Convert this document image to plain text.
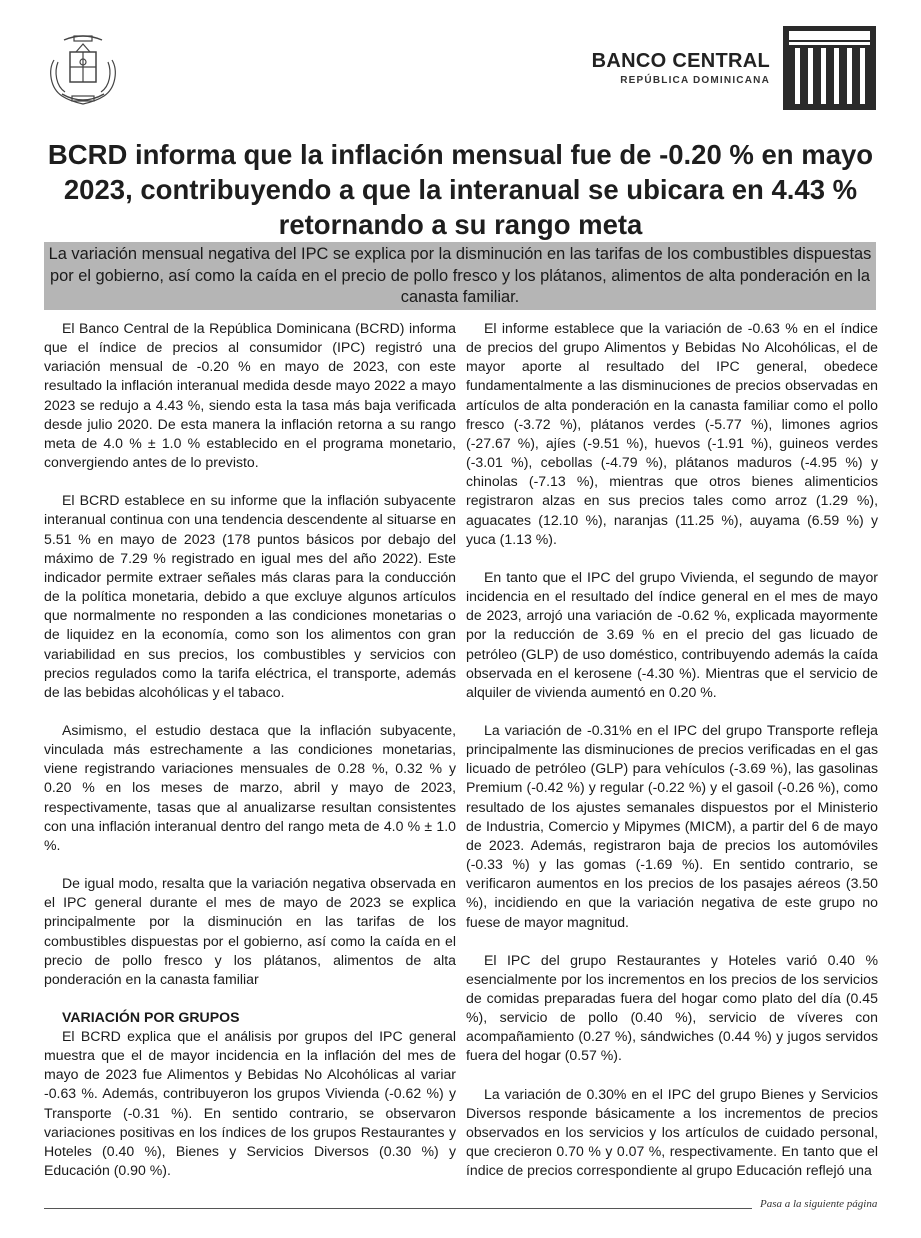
BANCO CENTRAL
REPÚBLICA DOMINICANA
BCRD informa que la inflación mensual fue de -0.20 % en mayo 2023, contribuyendo a que la interanual se ubicara en 4.43 % retornando a su rango meta
La variación mensual negativa del IPC se explica por la disminución en las tarifas de los combustibles dispuestas por el gobierno, así como la caída en el precio de pollo fresco y los plátanos, alimentos de alta ponderación en la canasta familiar.

El Banco Central de la República Dominicana (BCRD) informa que el índice de precios al consumidor (IPC) registró una variación mensual de -0.20 % en mayo de 2023, con este resultado la inflación interanual medida desde mayo 2022 a mayo 2023 se redujo a 4.43 %, siendo esta la tasa más baja verificada desde julio 2020. De esta manera la inflación retorna a su rango meta de 4.0 % ± 1.0 % establecido en el programa monetario, convergiendo antes de lo previsto.

El BCRD establece en su informe que la inflación subyacente interanual continua con una tendencia descendente al situarse en 5.51 % en mayo de 2023 (178 puntos básicos por debajo del máximo de 7.29 % registrado en igual mes del año 2022). Este indicador permite extraer señales más claras para la conducción de la política monetaria, debido a que excluye algunos artículos que normalmente no responden a las condiciones monetarias o de liquidez en la economía, como son los alimentos con gran variabilidad en sus precios, los combustibles y servicios con precios regulados como la tarifa eléctrica, el transporte, además de las bebidas alcohólicas y el tabaco.

Asimismo, el estudio destaca que la inflación subyacente, vinculada más estrechamente a las condiciones monetarias, viene registrando variaciones mensuales de 0.28 %, 0.32 % y 0.20 % en los meses de marzo, abril y mayo de 2023, respectivamente, tasas que al anualizarse resultan consistentes con una inflación interanual dentro del rango meta de 4.0 % ± 1.0 %.

De igual modo, resalta que la variación negativa observada en el IPC general durante el mes de mayo de 2023 se explica principalmente por la disminución en las tarifas de los combustibles dispuestas por el gobierno, así como la caída en el precio de pollo fresco y los plátanos, alimentos de alta ponderación en la canasta familiar

VARIACIÓN POR GRUPOS

El BCRD explica que el análisis por grupos del IPC general muestra que el de mayor incidencia en la inflación del mes de mayo de 2023 fue Alimentos y Bebidas No Alcohólicas al variar -0.63 %. Además, contribuyeron los grupos Vivienda (-0.62 %) y Transporte (-0.31 %). En sentido contrario, se observaron variaciones positivas en los índices de los grupos Restaurantes y Hoteles (0.40 %), Bienes y Servicios Diversos (0.30 %) y Educación (0.90 %).

El informe establece que la variación de -0.63 % en el índice de precios del grupo Alimentos y Bebidas No Alcohólicas, el de mayor aporte al resultado del IPC general, obedece fundamentalmente a las disminuciones de precios observadas en artículos de alta ponderación en la canasta familiar como el pollo fresco (-3.72 %), plátanos verdes (-5.77 %), limones agrios (-27.67 %), ajíes (-9.51 %), huevos (-1.91 %), guineos verdes (-3.01 %), cebollas (-4.79 %), plátanos maduros (-4.95 %) y chinolas (-7.13 %), mientras que otros bienes alimenticios registraron alzas en sus precios tales como arroz (1.29 %), aguacates (12.10 %), naranjas (11.25 %), auyama (6.59 %) y yuca (1.13 %).

En tanto que el IPC del grupo Vivienda, el segundo de mayor incidencia en el resultado del índice general en el mes de mayo de 2023, arrojó una variación de -0.62 %, explicada mayormente por la reducción de 3.69 % en el precio del gas licuado de petróleo (GLP) de uso doméstico, contribuyendo además la caída observada en el kerosene (-4.30 %). Mientras que el servicio de alquiler de vivienda aumentó en 0.20 %.

La variación de -0.31% en el IPC del grupo Transporte refleja principalmente las disminuciones de precios verificadas en el gas licuado de petróleo (GLP) para vehículos (-3.69 %), las gasolinas Premium (-0.42 %) y regular (-0.22 %) y el gasoil (-0.26 %), como resultado de los ajustes semanales dispuestos por el Ministerio de Industria, Comercio y Mipymes (MICM), a partir del 6 de mayo de 2023. Además, registraron baja de precios los automóviles (-0.33 %) y las gomas (-1.69 %). En sentido contrario, se verificaron aumentos en los precios de los pasajes aéreos (3.50 %), incidiendo en que la variación negativa de este grupo no fuese de mayor magnitud.

El IPC del grupo Restaurantes y Hoteles varió 0.40 % esencialmente por los incrementos en los precios de los servicios de comidas preparadas fuera del hogar como plato del día (0.45 %), servicio de pollo (0.40 %), servicio de víveres con acompañamiento (0.27 %), sándwiches (0.44 %) y jugos servidos fuera del hogar (0.57 %).

La variación de 0.30% en el IPC del grupo Bienes y Servicios Diversos responde básicamente a los incrementos de precios observados en los servicios y los artículos de cuidado personal, que crecieron 0.70 % y 0.07 %, respectivamente. En tanto que el índice de precios correspondiente al grupo Educación reflejó una

Pasa a la siguiente página
